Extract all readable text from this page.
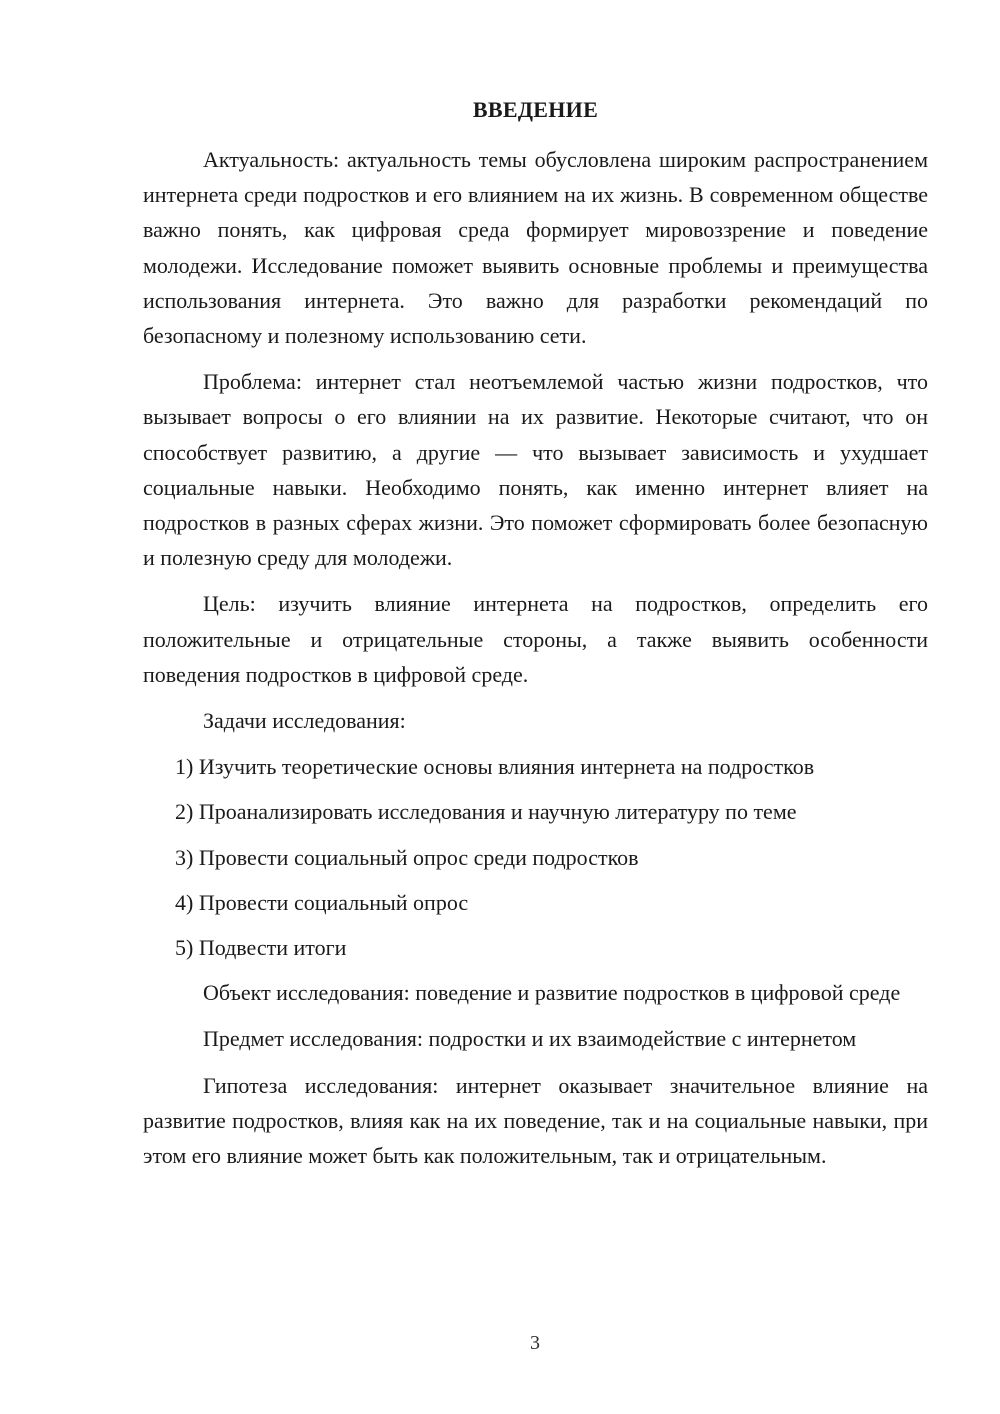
ВВЕДЕНИЕ

Актуальность: актуальность темы обусловлена широким распространением интернета среди подростков и его влиянием на их жизнь. В современном обществе важно понять, как цифровая среда формирует мировоззрение и поведение молодежи. Исследование поможет выявить основные проблемы и преимущества использования интернета. Это важно для разработки рекомендаций по безопасному и полезному использованию сети.

Проблема: интернет стал неотъемлемой частью жизни подростков, что вызывает вопросы о его влиянии на их развитие. Некоторые считают, что он способствует развитию, а другие — что вызывает зависимость и ухудшает социальные навыки. Необходимо понять, как именно интернет влияет на подростков в разных сферах жизни. Это поможет сформировать более безопасную и полезную среду для молодежи.

Цель: изучить влияние интернета на подростков, определить его положительные и отрицательные стороны, а также выявить особенности поведения подростков в цифровой среде.

Задачи исследования:

1) Изучить теоретические основы влияния интернета на подростков
2) Проанализировать исследования и научную литературу по теме
3) Провести социальный опрос среди подростков
4) Провести социальный опрос
5) Подвести итоги

Объект исследования: поведение и развитие подростков в цифровой среде

Предмет исследования: подростки и их взаимодействие с интернетом

Гипотеза исследования: интернет оказывает значительное влияние на развитие подростков, влияя как на их поведение, так и на социальные навыки, при этом его влияние может быть как положительным, так и отрицательным.

3
